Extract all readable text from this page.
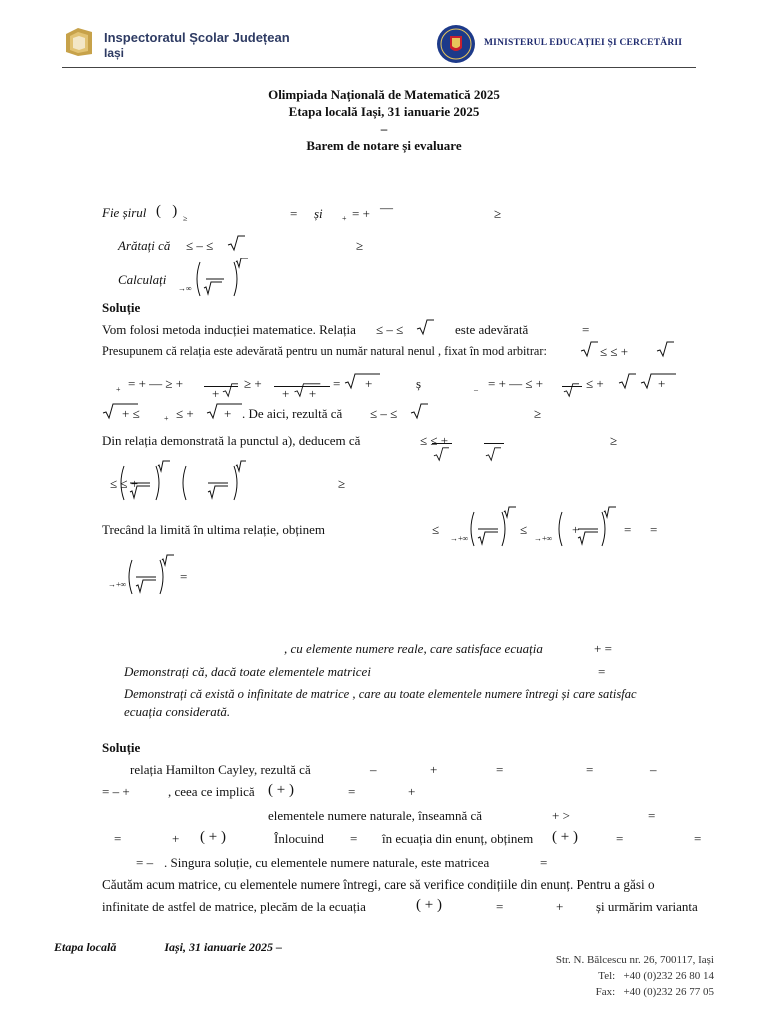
Inspectoratul Școlar Județean
Iași
MINISTERUL EDUCAȚIEI ȘI CERCETĂRII
Olimpiada Națională de Matematică 2025
Etapa locală Iași, 31 ianuarie 2025
–
Barem de notare și evaluare
Fie șirul (   ) ≥	= și + = + —	≥
Arătați că ≤ – ≤	≥
Calculați
→∞
Soluție
Vom folosi metoda inducției matematice. Relația ≤ – ≤	este adevărată	=
Presupunem că relația este adevărată pentru un număr natural nenul , fixat în mod arbitrar:	≤ ≤ +
+ = + — ≥ +
+
≥ +
+      +
= +	ș	– = + — ≤ +	≤ +	+
+ ≤	+ ≤ + + . De aici, rezultă că ≤ – ≤	≥
Din relația demonstrată la punctul a), deducem că	≤ ≤ +	≥
≤ ≤ +	≥
Trecând la limită în ultima relație, obținem	≤
→+∞
≤
→+∞
+	= =
→+∞
=
, cu elemente numere reale, care satisface ecuația	+ =
Demonstrați că, dacă toate elementele matricei	=
Demonstrați că există o infinitate de matrice , care au toate elementele numere întregi și care satisfac
ecuația considerată.
Soluție
relația Hamilton Cayley, rezultă că	–	+	=	=	–
= – +	, ceea ce implică ( + )	=	+
elementele numere naturale, înseamnă că	+ >	=
=	+ ( + )	Înlocuind = în ecuația din enunț, obținem ( + )	=	=
= – . Singura soluție, cu elementele numere naturale, este matricea	=
Căutăm acum matrice, cu elementele numere întregi, care să verifice condițiile din enunț. Pentru a găsi o
infinitate de astfel de matrice, plecăm de la ecuația	( + )	=	+	și urmărim varianta
Etapa locală	Iași, 31 ianuarie 2025 –
Str. N. Bălcescu nr. 26, 700117, Iași
Tel: +40 (0)232 26 80 14
Fax: +40 (0)232 26 77 05
